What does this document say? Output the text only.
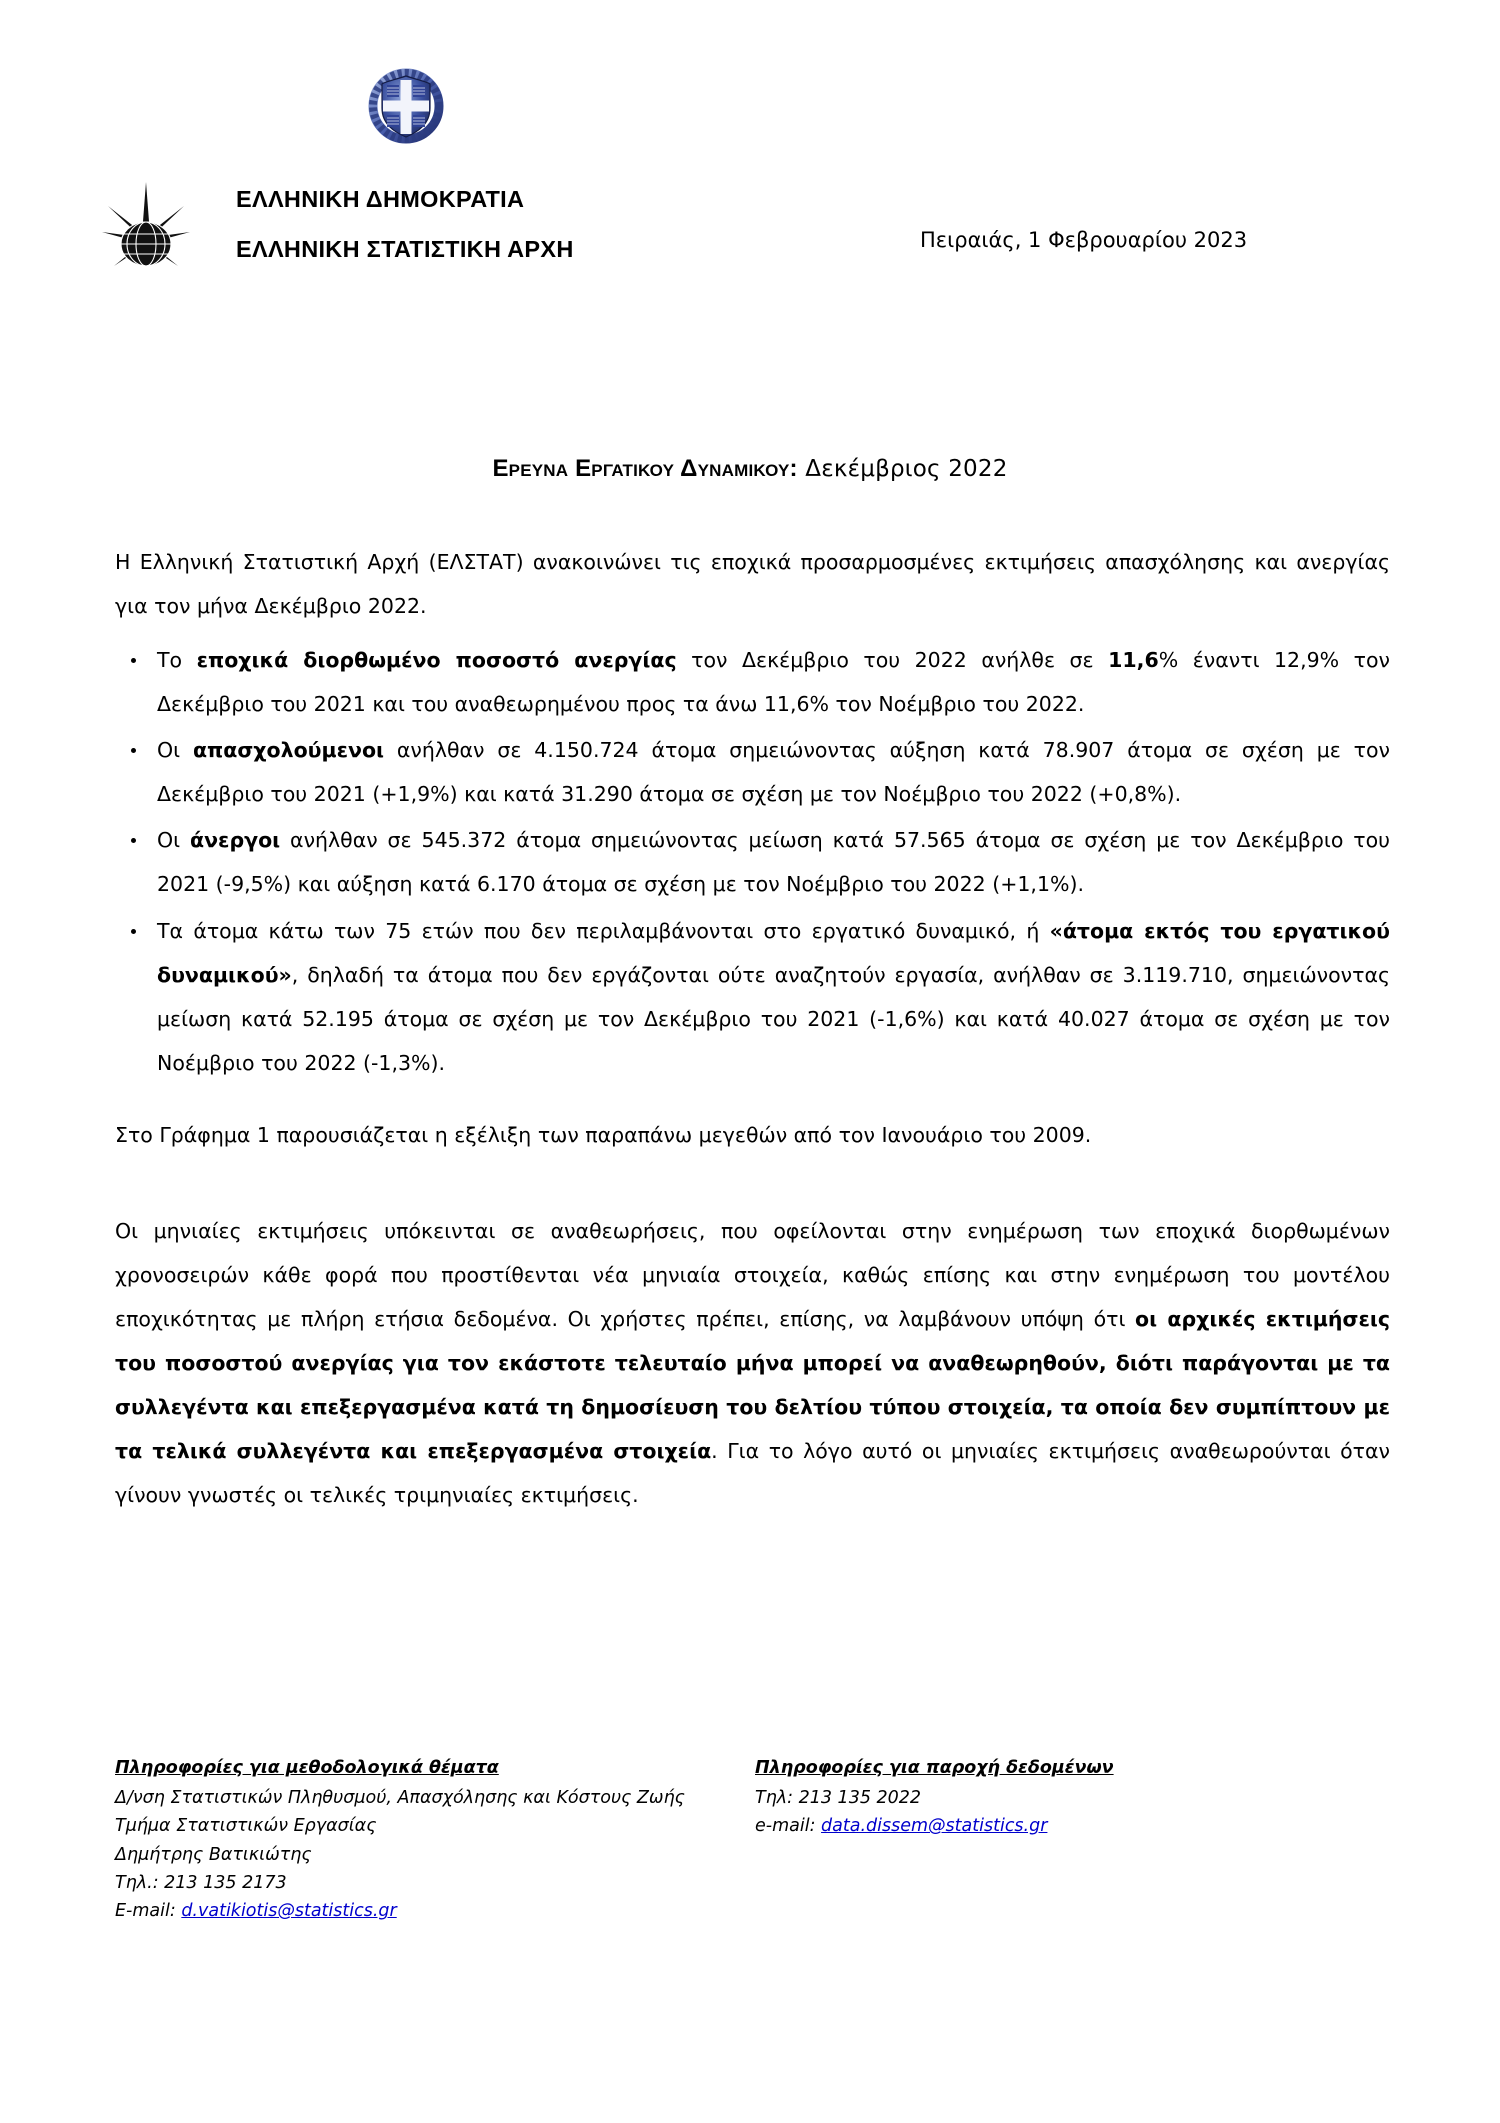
ΕΛΛΗΝΙΚΗ ΔΗΜΟΚΡΑΤΙΑ
ΕΛΛΗΝΙΚΗ ΣΤΑΤΙΣΤΙΚΗ ΑΡΧΗ	Πειραιάς, 1 Φεβρουαρίου 2023
Ερευνα Εργατικου Δυναμικου: Δεκέμβριος 2022

Η Ελληνική Στατιστική Αρχή (ΕΛΣΤΑΤ) ανακοινώνει τις εποχικά προσαρμοσμένες εκτιμήσεις απασχόλησης και ανεργίας για τον μήνα Δεκέμβριο 2022.

Το εποχικά διορθωμένο ποσοστό ανεργίας τον Δεκέμβριο του 2022 ανήλθε σε 11,6% έναντι 12,9% τον Δεκέμβριο του 2021 και του αναθεωρημένου προς τα άνω 11,6% τον Νοέμβριο του 2022.
Οι απασχολούμενοι ανήλθαν σε 4.150.724 άτομα σημειώνοντας αύξηση κατά 78.907 άτομα σε σχέση με τον Δεκέμβριο του 2021 (+1,9%) και κατά 31.290 άτομα σε σχέση με τον Νοέμβριο του 2022 (+0,8%).
Οι άνεργοι ανήλθαν σε 545.372 άτομα σημειώνοντας μείωση κατά 57.565 άτομα σε σχέση με τον Δεκέμβριο του 2021 (-9,5%) και αύξηση κατά 6.170 άτομα σε σχέση με τον Νοέμβριο του 2022 (+1,1%).
Τα άτομα κάτω των 75 ετών που δεν περιλαμβάνονται στο εργατικό δυναμικό, ή «άτομα εκτός του εργατικού δυναμικού», δηλαδή τα άτομα που δεν εργάζονται ούτε αναζητούν εργασία, ανήλθαν σε 3.119.710, σημειώνοντας μείωση κατά 52.195 άτομα σε σχέση με τον Δεκέμβριο του 2021 (-1,6%) και κατά 40.027 άτομα σε σχέση με τον Νοέμβριο του 2022 (-1,3%).

Στο Γράφημα 1 παρουσιάζεται η εξέλιξη των παραπάνω μεγεθών από τον Ιανουάριο του 2009.

Οι μηνιαίες εκτιμήσεις υπόκεινται σε αναθεωρήσεις, που οφείλονται στην ενημέρωση των εποχικά διορθωμένων χρονοσειρών κάθε φορά που προστίθενται νέα μηνιαία στοιχεία, καθώς επίσης και στην ενημέρωση του μοντέλου εποχικότητας με πλήρη ετήσια δεδομένα. Οι χρήστες πρέπει, επίσης, να λαμβάνουν υπόψη ότι οι αρχικές εκτιμήσεις του ποσοστού ανεργίας για τον εκάστοτε τελευταίο μήνα μπορεί να αναθεωρηθούν, διότι παράγονται με τα συλλεγέντα και επεξεργασμένα κατά τη δημοσίευση του δελτίου τύπου στοιχεία, τα οποία δεν συμπίπτουν με τα τελικά συλλεγέντα και επεξεργασμένα στοιχεία. Για το λόγο αυτό οι μηνιαίες εκτιμήσεις αναθεωρούνται όταν γίνουν γνωστές οι τελικές τριμηνιαίες εκτιμήσεις.

Πληροφορίες για μεθοδολογικά θέματα
Δ/νση Στατιστικών Πληθυσμού, Απασχόλησης και Κόστους Ζωής
Τμήμα Στατιστικών Εργασίας
Δημήτρης Βατικιώτης
Τηλ.: 213 135 2173
E-mail: d.vatikiotis@statistics.gr
Πληροφορίες για παροχή δεδομένων
Τηλ: 213 135 2022
e-mail: data.dissem@statistics.gr
